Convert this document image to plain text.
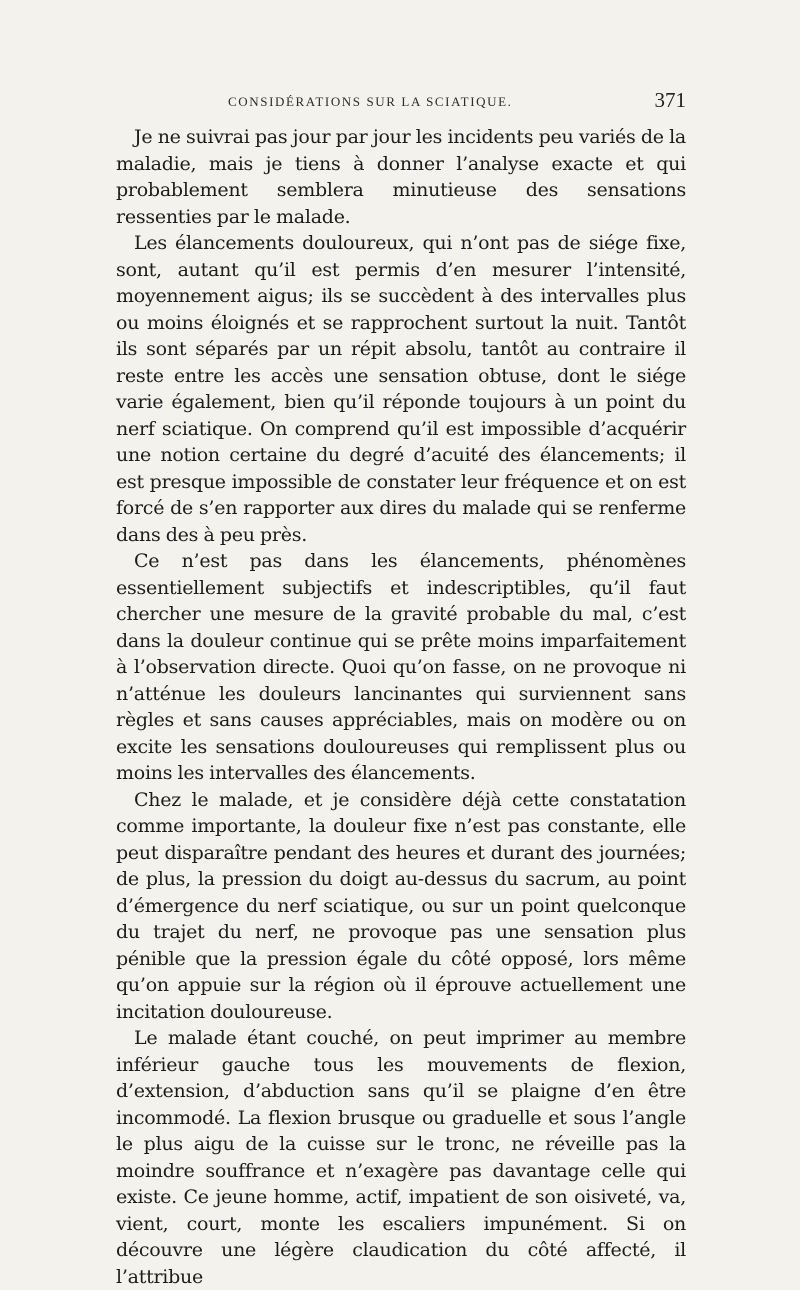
CONSIDÉRATIONS SUR LA SCIATIQUE.	371

Je ne suivrai pas jour par jour les incidents peu variés de la maladie, mais je tiens à donner l’analyse exacte et qui probablement semblera minutieuse des sensations ressenties par le malade.

Les élancements douloureux, qui n’ont pas de siége fixe, sont, autant qu’il est permis d’en mesurer l’intensité, moyennement aigus; ils se succèdent à des intervalles plus ou moins éloignés et se rapprochent surtout la nuit. Tantôt ils sont séparés par un répit absolu, tantôt au contraire il reste entre les accès une sensation obtuse, dont le siége varie également, bien qu’il réponde toujours à un point du nerf sciatique. On comprend qu’il est impossible d’acquérir une notion certaine du degré d’acuité des élancements; il est presque impossible de constater leur fréquence et on est forcé de s’en rapporter aux dires du malade qui se renferme dans des à peu près.

Ce n’est pas dans les élancements, phénomènes essentiellement subjectifs et indescriptibles, qu’il faut chercher une mesure de la gravité probable du mal, c’est dans la douleur continue qui se prête moins imparfaitement à l’observation directe. Quoi qu’on fasse, on ne provoque ni n’atténue les douleurs lancinantes qui surviennent sans règles et sans causes appréciables, mais on modère ou on excite les sensations douloureuses qui remplissent plus ou moins les intervalles des élancements.

Chez le malade, et je considère déjà cette constatation comme importante, la douleur fixe n’est pas constante, elle peut disparaître pendant des heures et durant des journées; de plus, la pression du doigt au-dessus du sacrum, au point d’émergence du nerf sciatique, ou sur un point quelconque du trajet du nerf, ne provoque pas une sensation plus pénible que la pression égale du côté opposé, lors même qu’on appuie sur la région où il éprouve actuellement une incitation douloureuse.

Le malade étant couché, on peut imprimer au membre inférieur gauche tous les mouvements de flexion, d’extension, d’abduction sans qu’il se plaigne d’en être incommodé. La flexion brusque ou graduelle et sous l’angle le plus aigu de la cuisse sur le tronc, ne réveille pas la moindre souffrance et n’exagère pas davantage celle qui existe. Ce jeune homme, actif, impatient de son oisiveté, va, vient, court, monte les escaliers impunément. Si on découvre une légère claudication du côté affecté, il l’attribue
